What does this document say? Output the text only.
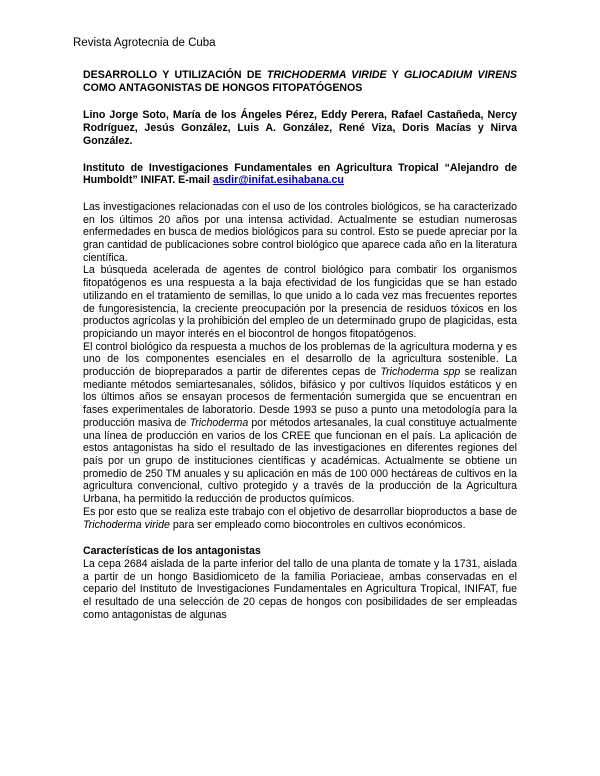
Revista Agrotecnia de Cuba
DESARROLLO Y UTILIZACIÓN DE TRICHODERMA VIRIDE Y GLIOCADIUM VIRENS COMO ANTAGONISTAS DE HONGOS FITOPATÓGENOS
Lino Jorge Soto, María de los Ángeles Pérez, Eddy Perera, Rafael Castañeda, Nercy Rodríguez, Jesús González, Luis A. González, René Viza, Doris Macías y Nirva González.
Instituto de Investigaciones Fundamentales en Agricultura Tropical “Alejandro de Humboldt” INIFAT. E-mail asdir@inifat.esihabana.cu

Las investigaciones relacionadas con el uso de los controles biológicos, se ha caracterizado en los últimos 20 años por una intensa actividad. Actualmente se estudian numerosas enfermedades en busca de medios biológicos para su control. Esto se puede apreciar por la gran cantidad de publicaciones sobre control biológico que aparece cada año en la literatura científica.

La búsqueda acelerada de agentes de control biológico para combatir los organismos fitopatógenos es una respuesta a la baja efectividad de los fungicidas que se han estado utilizando en el tratamiento de semillas, lo que unido a lo cada vez mas frecuentes reportes de fungoresistencia, la creciente preocupación por la presencia de residuos tóxicos en los productos agrícolas y la prohibición del empleo de un determinado grupo de plagicidas, esta propiciando un mayor interés en el biocontrol de hongos fitopatógenos.

El control biológico da respuesta a muchos de los problemas de la agricultura moderna y es uno de los componentes esenciales en el desarrollo de la agricultura sostenible. La producción de biopreparados a partir de diferentes cepas de Trichoderma spp se realizan mediante métodos semiartesanales, sólidos, bifásico y por cultivos líquidos estáticos y en los últimos años se ensayan procesos de fermentación sumergida que se encuentran en fases experimentales de laboratorio. Desde 1993 se puso a punto una metodología para la producción masiva de Trichoderma por métodos artesanales, la cual constituye actualmente una línea de producción en varios de los CREE que funcionan en el país. La aplicación de estos antagonistas ha sido el resultado de las investigaciones en diferentes regiones del país por un grupo de instituciones científicas y académicas. Actualmente se obtiene un promedio de 250 TM anuales y su aplicación en más de 100 000 hectáreas de cultivos en la agricultura convencional, cultivo protegido y a través de la producción de la Agricultura Urbana, ha permitido la reducción de productos químicos.

Es por esto que se realiza este trabajo con el objetivo de desarrollar bioproductos a base de Trichoderma viride para ser empleado como biocontroles en cultivos económicos.

Características de los antagonistas

La cepa 2684 aislada de la parte inferior del tallo de una planta de tomate y la 1731, aislada a partir de un hongo Basidiomiceto de la familia Poriacieae, ambas conservadas en el cepario del Instituto de Investigaciones Fundamentales en Agricultura Tropical, INIFAT, fue el resultado de una selección de 20 cepas de hongos con posibilidades de ser empleadas como antagonistas de algunas
